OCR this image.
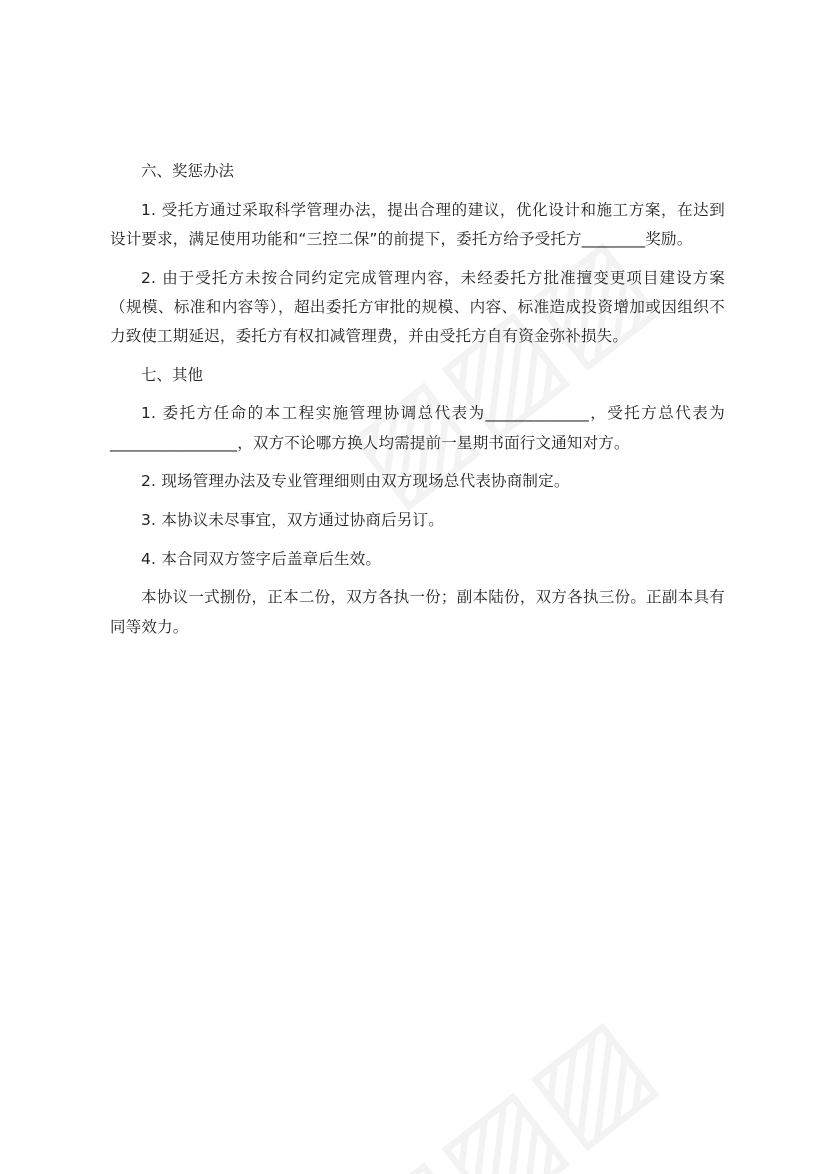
六、奖惩办法

1. 受托方通过采取科学管理办法，提出合理的建议，优化设计和施工方案，在达到设计要求，满足使用功能和“三控二保”的前提下，委托方给予受托方________奖励。

2. 由于受托方未按合同约定完成管理内容，未经委托方批准擅变更项目建设方案（规模、标准和内容等），超出委托方审批的规模、内容、标准造成投资增加或因组织不力致使工期延迟，委托方有权扣减管理费，并由受托方自有资金弥补损失。

七、其他

1. 委托方任命的本工程实施管理协调总代表为_____________，受托方总代表为________________，双方不论哪方换人均需提前一星期书面行文通知对方。

2. 现场管理办法及专业管理细则由双方现场总代表协商制定。

3. 本协议未尽事宜，双方通过协商后另订。

4. 本合同双方签字后盖章后生效。

本协议一式捌份，正本二份，双方各执一份；副本陆份，双方各执三份。正副本具有同等效力。
